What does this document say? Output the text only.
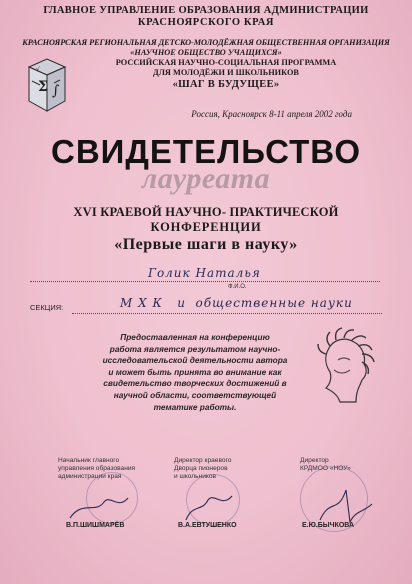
ГЛАВНОЕ УПРАВЛЕНИЕ ОБРАЗОВАНИЯ АДМИНИСТРАЦИИ
КРАСНОЯРСКОГО КРАЯ
Σ ∫
√
КРАСНОЯРСКАЯ РЕГИОНАЛЬНАЯ ДЕТСКО-МОЛОДЁЖНАЯ ОБЩЕСТВЕННАЯ ОРГАНИЗАЦИЯ
«НАУЧНОЕ ОБЩЕСТВО УЧАЩИХСЯ»
РОССИЙСКАЯ НАУЧНО-СОЦИАЛЬНАЯ ПРОГРАММА
ДЛЯ МОЛОДЁЖИ И ШКОЛЬНИКОВ
«ШАГ В БУДУЩЕЕ»
Россия, Красноярск 8-11 апреля 2002 года
СВИДЕТЕЛЬСТВО
лауреата
XVI КРАЕВОЙ НАУЧНО- ПРАКТИЧЕСКОЙ
КОНФЕРЕНЦИИ
«Первые шаги в науку»
Голик Наталья
Ф.И.О.
СЕКЦИЯ:	М Х К   и  общественные науки
Предоставленная на конференцию
работа является результатом научно-
исследовательской деятельности автора
и может быть принята во внимание как
свидетельство творческих достижений в
научной области, соответствующей
тематике работы.
Начальник главного
управления образования
администрации края
Директор краевого
Дворца пионеров
и школьников
Директор
КРДМОО «НОУ»
В.П.ШИШМАРЁВ	В.А.ЕВТУШЕНКО	Е.Ю.БЫЧКОВА
